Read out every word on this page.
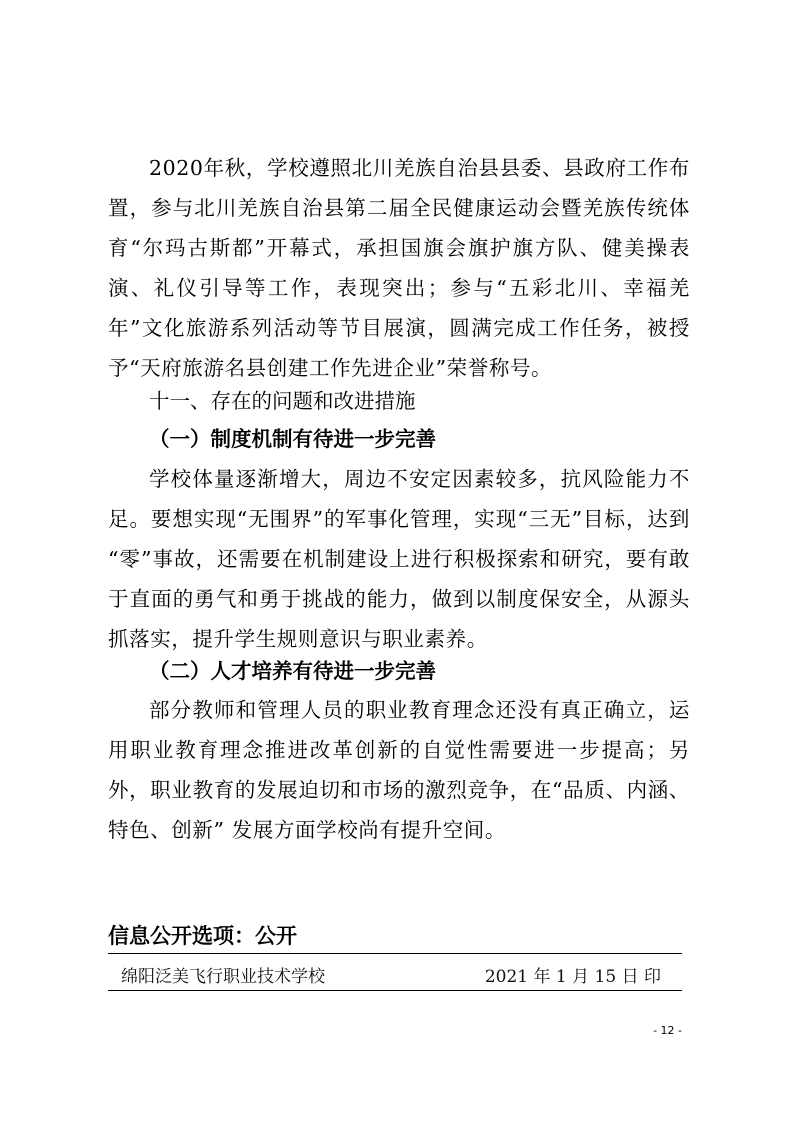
2020年秋，学校遵照北川羌族自治县县委、县政府工作布置，参与北川羌族自治县第二届全民健康运动会暨羌族传统体育“尔玛古斯都”开幕式，承担国旗会旗护旗方队、健美操表演、礼仪引导等工作，表现突出；参与“五彩北川、幸福羌年”文化旅游系列活动等节目展演，圆满完成工作任务，被授予“天府旅游名县创建工作先进企业”荣誉称号。

十一、存在的问题和改进措施
（一）制度机制有待进一步完善

学校体量逐渐增大，周边不安定因素较多，抗风险能力不足。要想实现“无围界”的军事化管理，实现“三无”目标，达到 “零”事故，还需要在机制建设上进行积极探索和研究，要有敢于直面的勇气和勇于挑战的能力，做到以制度保安全，从源头抓落实，提升学生规则意识与职业素养。

（二）人才培养有待进一步完善

部分教师和管理人员的职业教育理念还没有真正确立，运用职业教育理念推进改革创新的自觉性需要进一步提高；另外，职业教育的发展迫切和市场的激烈竞争，在“品质、内涵、特色、创新” 发展方面学校尚有提升空间。

信息公开选项：公开
绵阳泛美飞行职业技术学校	2021 年 1 月 15 日 印
- 12 -
